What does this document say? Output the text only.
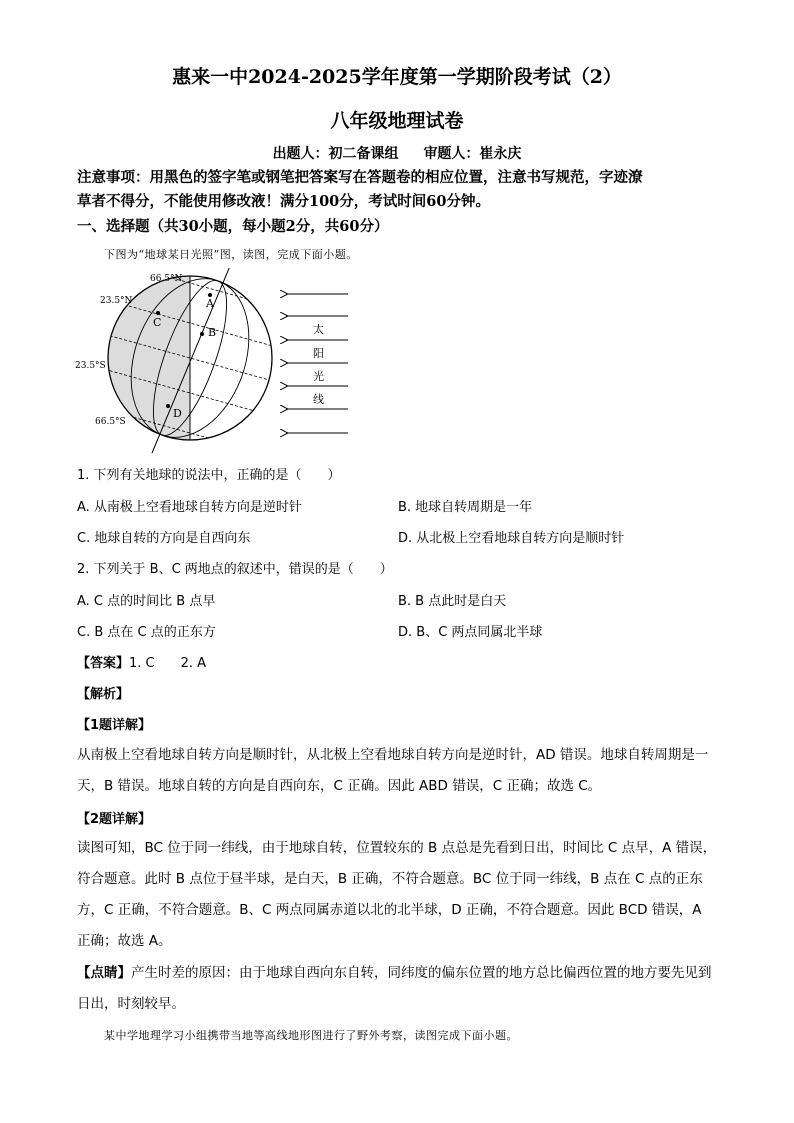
惠来一中2024-2025学年度第一学期阶段考试（2）
八年级地理试卷
出题人：初二备课组 审题人：崔永庆
注意事项：用黑色的签字笔或钢笔把答案写在答题卷的相应位置，注意书写规范，字迹潦
草者不得分，不能使用修改液！满分100分，考试时间60分钟。
一、选择题（共30小题，每小题2分，共60分）
下图为“地球某日光照”图，读图，完成下面小题。
66.5°N
23.5°N
23.5°S
66.5°S
A
B
C
D
太
阳
光
线
1. 下列有关地球的说法中，正确的是（　　）
A. 从南极上空看地球自转方向是逆时针	B. 地球自转周期是一年
C. 地球自转的方向是自西向东	D. 从北极上空看地球自转方向是顺时针
2. 下列关于 B、C 两地点的叙述中，错误的是（　　）
A. C 点的时间比 B 点早	B. B 点此时是白天
C. B 点在 C 点的正东方	D. B、C 两点同属北半球
【答案】1. C　　2. A
【解析】
【1题详解】
从南极上空看地球自转方向是顺时针，从北极上空看地球自转方向是逆时针，AD 错误。地球自转周期是一天，B 错误。地球自转的方向是自西向东，C 正确。因此 ABD 错误，C 正确；故选 C。
【2题详解】
读图可知，BC 位于同一纬线，由于地球自转，位置较东的 B 点总是先看到日出，时间比 C 点早，A 错误，符合题意。此时 B 点位于昼半球，是白天，B 正确，不符合题意。BC 位于同一纬线，B 点在 C 点的正东方，C 正确，不符合题意。B、C 两点同属赤道以北的北半球，D 正确，不符合题意。因此 BCD 错误，A 正确；故选 A。
【点睛】产生时差的原因：由于地球自西向东自转，同纬度的偏东位置的地方总比偏西位置的地方要先见到日出，时刻较早。
某中学地理学习小组携带当地等高线地形图进行了野外考察，读图完成下面小题。
